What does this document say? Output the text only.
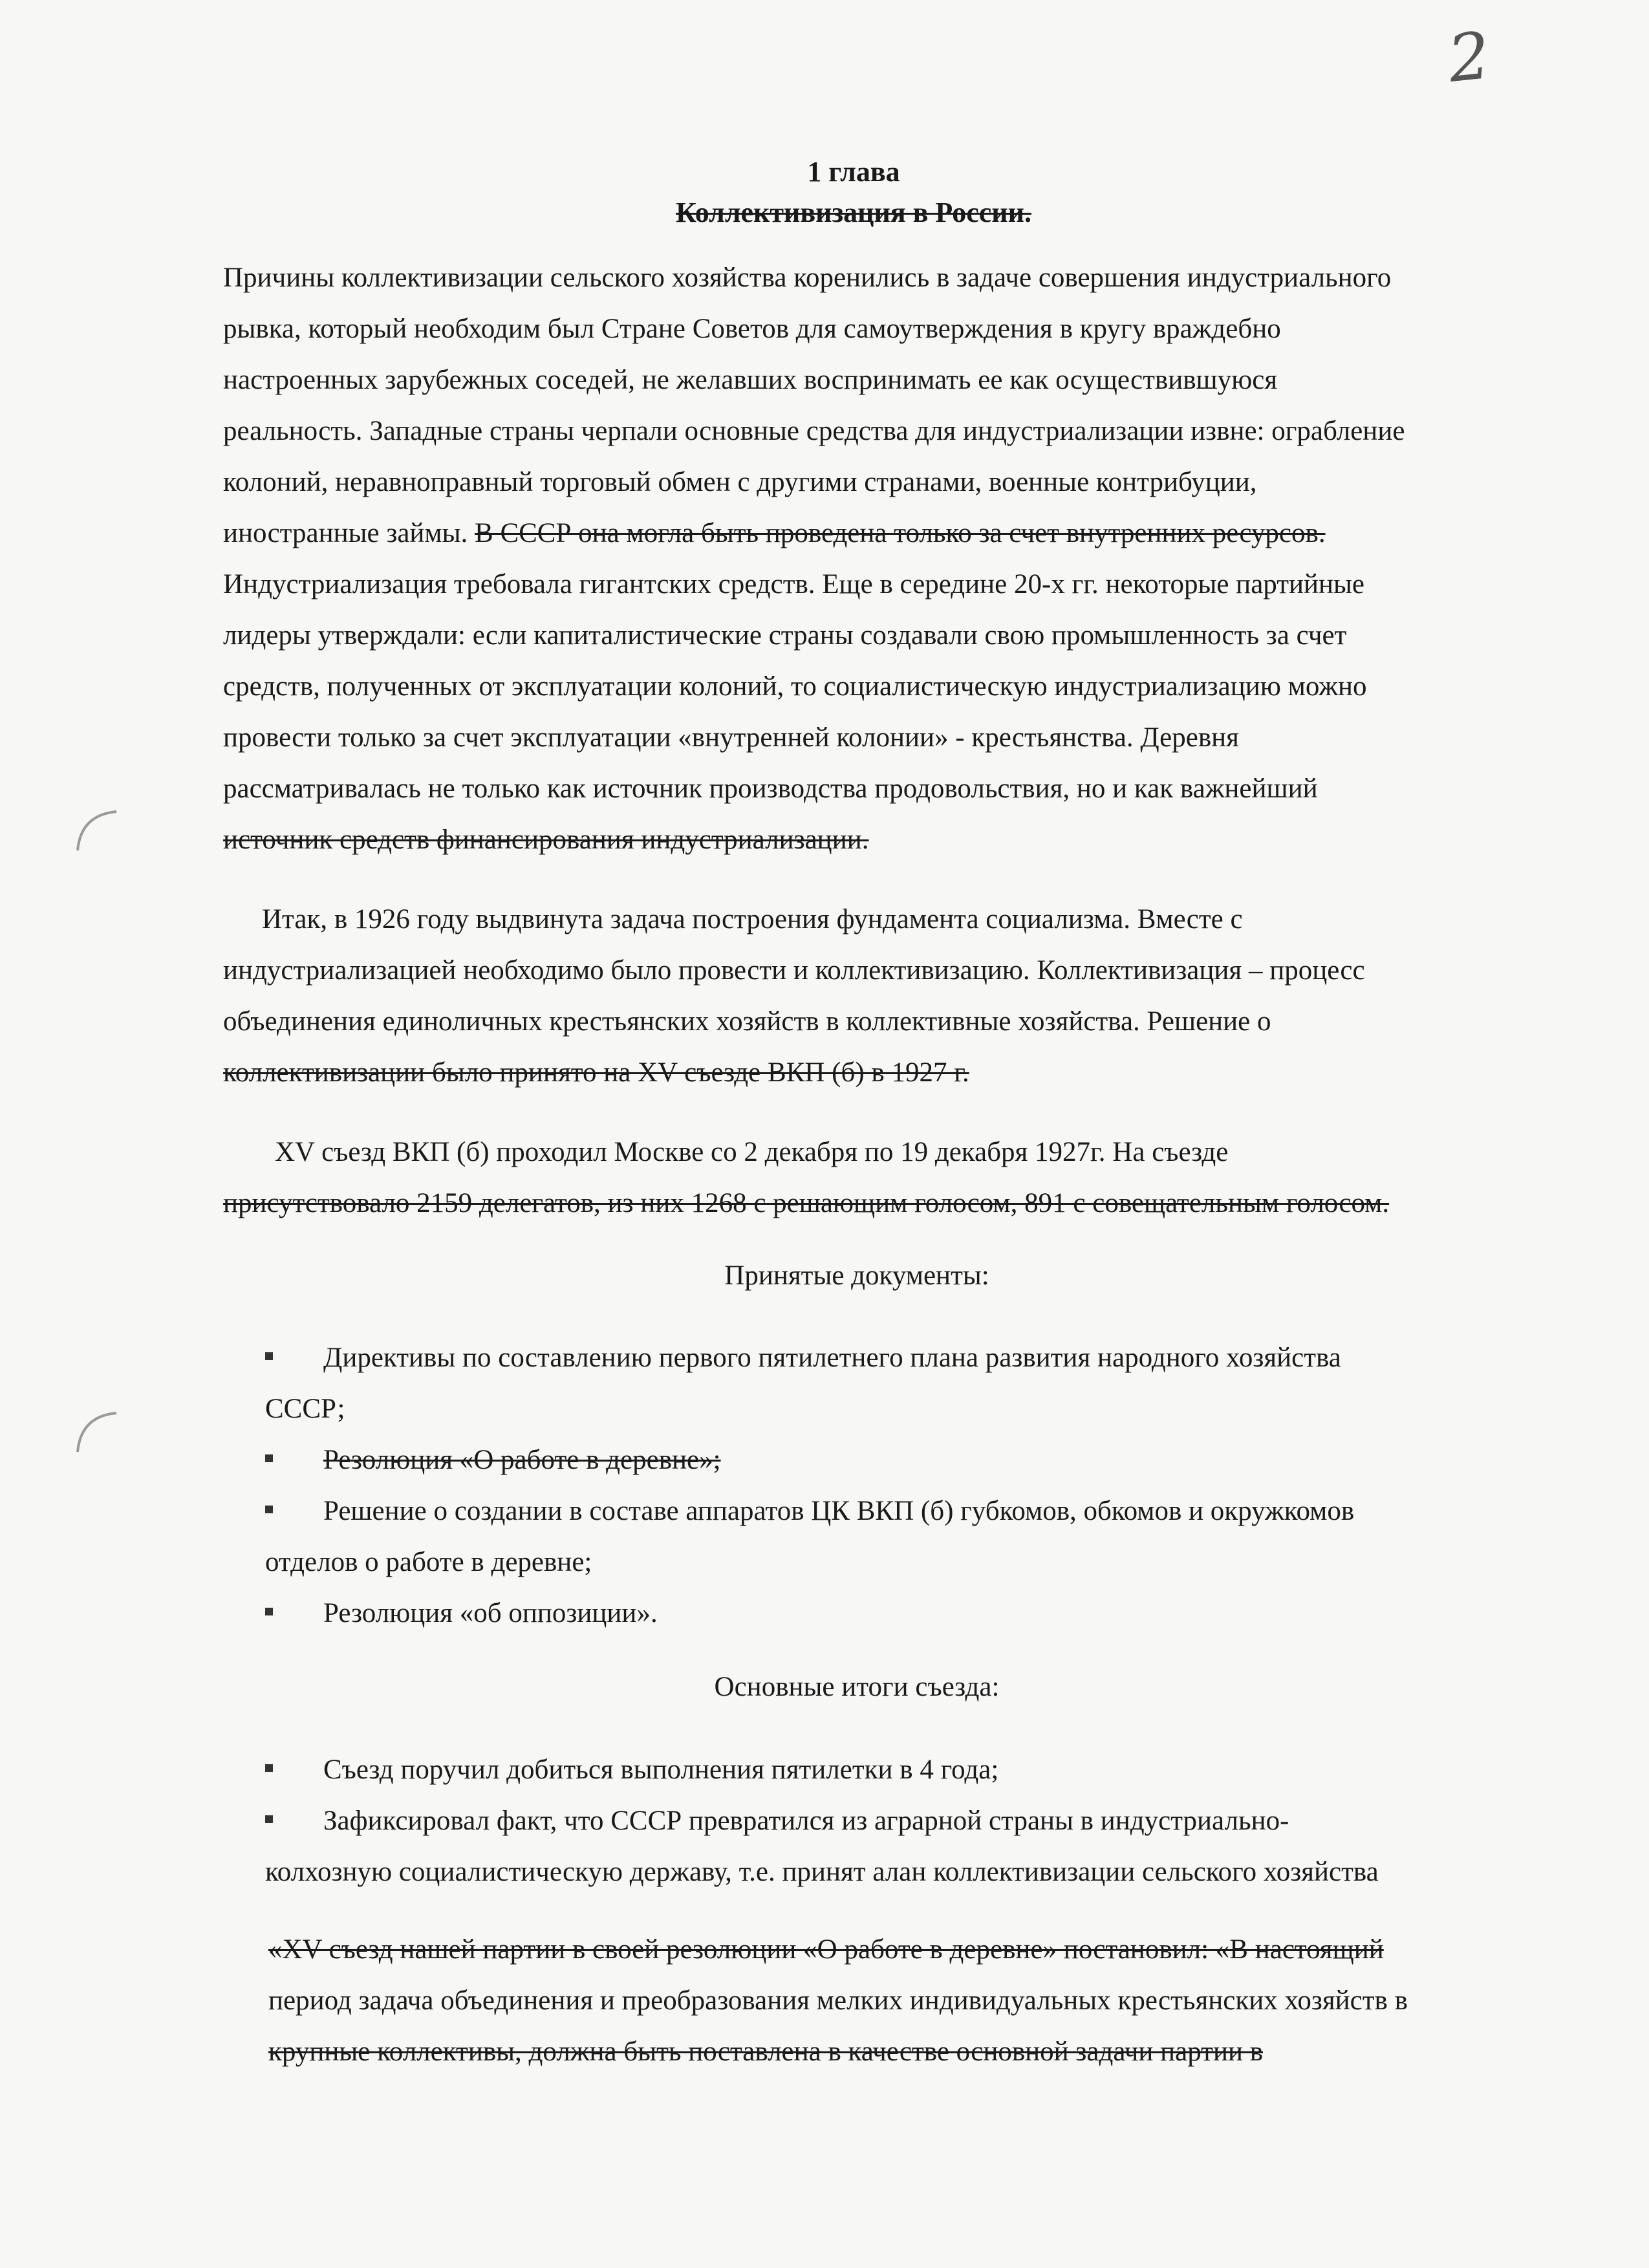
2
1 глава
Коллективизация в России.
Причины коллективизации сельского хозяйства коренились в задаче совершения индустриального
рывка, который необходим был Стране Советов для самоутверждения в кругу враждебно
настроенных зарубежных соседей, не желавших воспринимать ее как осуществившуюся
реальность. Западные страны черпали основные средства для индустриализации извне: ограбление
колоний, неравноправный торговый обмен с другими странами, военные контрибуции,
иностранные займы. В СССР она могла быть проведена только за счет внутренних ресурсов.
Индустриализация требовала гигантских средств. Еще в середине 20-х гг. некоторые партийные
лидеры утверждали: если капиталистические страны создавали свою промышленность за счет
средств, полученных от эксплуатации колоний, то социалистическую индустриализацию можно
провести только за счет эксплуатации «внутренней колонии» - крестьянства. Деревня
рассматривалась не только как источник производства продовольствия, но и как важнейший
источник средств финансирования индустриализации.
Итак, в 1926 году выдвинута задача построения фундамента социализма. Вместе с
индустриализацией необходимо было провести и коллективизацию. Коллективизация – процесс
объединения единоличных крестьянских хозяйств в коллективные хозяйства. Решение о
коллективизации было принято на XV съезде ВКП (б) в 1927 г.
XV съезд ВКП (б) проходил Москве со 2 декабря по 19 декабря 1927г. На съезде
присутствовало 2159 делегатов, из них 1268 с решающим голосом, 891 с совещательным голосом.
Принятые документы:
Директивы по составлению первого пятилетнего плана развития народного хозяйства
СССР;
Резолюция «О работе в деревне»;
Решение о создании в составе аппаратов ЦК ВКП (б) губкомов, обкомов и окружкомов
отделов о работе в деревне;
Резолюция «об оппозиции».
Основные итоги съезда:
Съезд поручил добиться выполнения пятилетки в 4 года;
Зафиксировал факт, что СССР превратился из аграрной страны в индустриально-
колхозную социалистическую державу, т.е. принят алан коллективизации сельского хозяйства
«XV съезд нашей партии в своей резолюции «О работе в деревне» постановил: «В настоящий
период задача объединения и преобразования мелких индивидуальных крестьянских хозяйств в
крупные коллективы, должна быть поставлена в качестве основной задачи партии в
